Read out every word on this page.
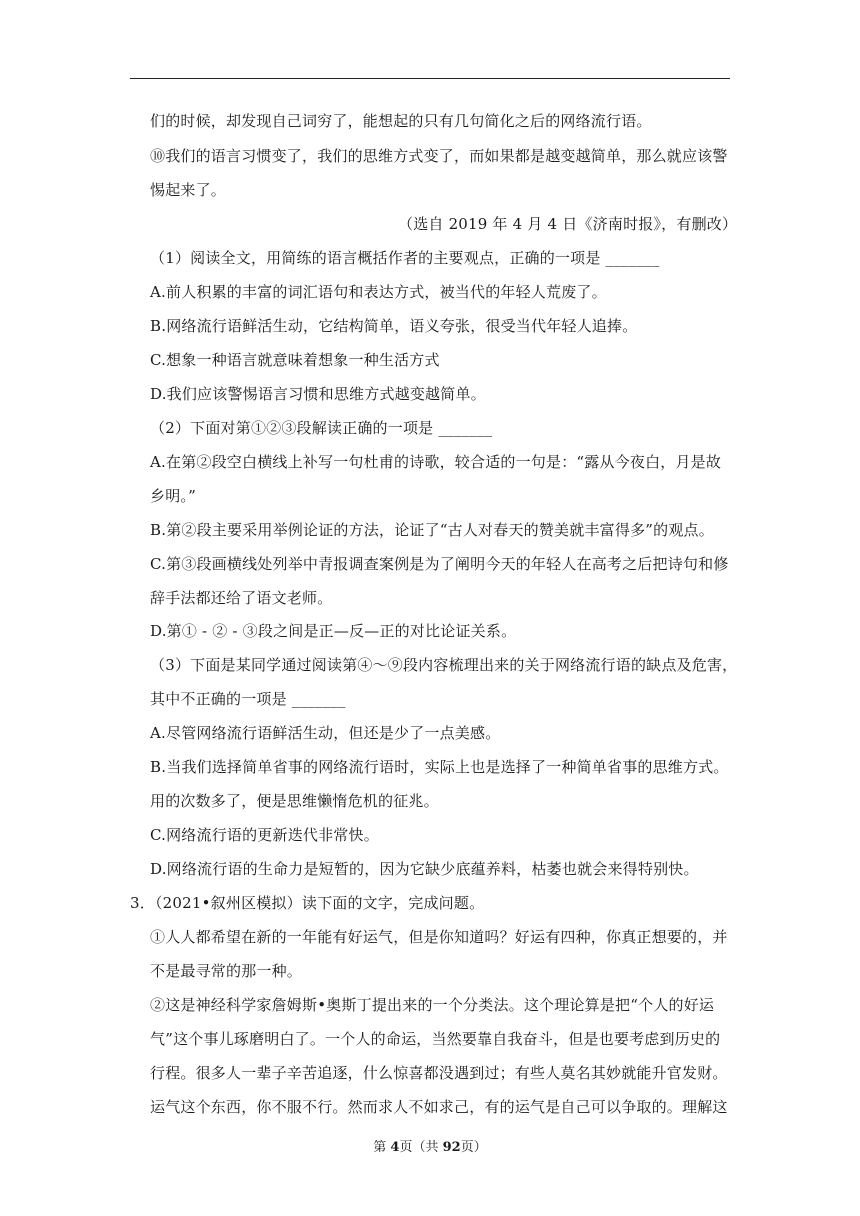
们的时候，却发现自己词穷了，能想起的只有几句简化之后的网络流行语。
⑩我们的语言习惯变了，我们的思维方式变了，而如果都是越变越简单，那么就应该警
惕起来了。
（选自 2019 年 4 月 4 日《济南时报》，有删改）
（1）阅读全文，用简练的语言概括作者的主要观点，正确的一项是 _______
A.前人积累的丰富的词汇语句和表达方式，被当代的年轻人荒废了。
B.网络流行语鲜活生动，它结构简单，语义夸张，很受当代年轻人追捧。
C.想象一种语言就意味着想象一种生活方式
D.我们应该警惕语言习惯和思维方式越变越简单。
（2）下面对第①②③段解读正确的一项是 _______
A.在第②段空白横线上补写一句杜甫的诗歌，较合适的一句是：“露从今夜白，月是故
乡明。”
B.第②段主要采用举例论证的方法，论证了“古人对春天的赞美就丰富得多”的观点。
C.第③段画横线处列举中青报调查案例是为了阐明今天的年轻人在高考之后把诗句和修
辞手法都还给了语文老师。
D.第① - ② - ③段之间是正—反—正的对比论证关系。
（3）下面是某同学通过阅读第④～⑨段内容梳理出来的关于网络流行语的缺点及危害，
其中不正确的一项是 _______
A.尽管网络流行语鲜活生动，但还是少了一点美感。
B.当我们选择简单省事的网络流行语时，实际上也是选择了一种简单省事的思维方式。
用的次数多了，便是思维懒惰危机的征兆。
C.网络流行语的更新迭代非常快。
D.网络流行语的生命力是短暂的，因为它缺少底蕴养料，枯萎也就会来得特别快。
3．（2021•叙州区模拟）读下面的文字，完成问题。
①人人都希望在新的一年能有好运气，但是你知道吗？好运有四种，你真正想要的，并
不是最寻常的那一种。
②这是神经科学家詹姆斯•奥斯丁提出来的一个分类法。这个理论算是把“个人的好运
气”这个事儿琢磨明白了。一个人的命运，当然要靠自我奋斗，但是也要考虑到历史的
行程。很多人一辈子辛苦追逐，什么惊喜都没遇到过；有些人莫名其妙就能升官发财。
运气这个东西，你不服不行。然而求人不如求己，有的运气是自己可以争取的。理解这
第 4页（共 92页）
